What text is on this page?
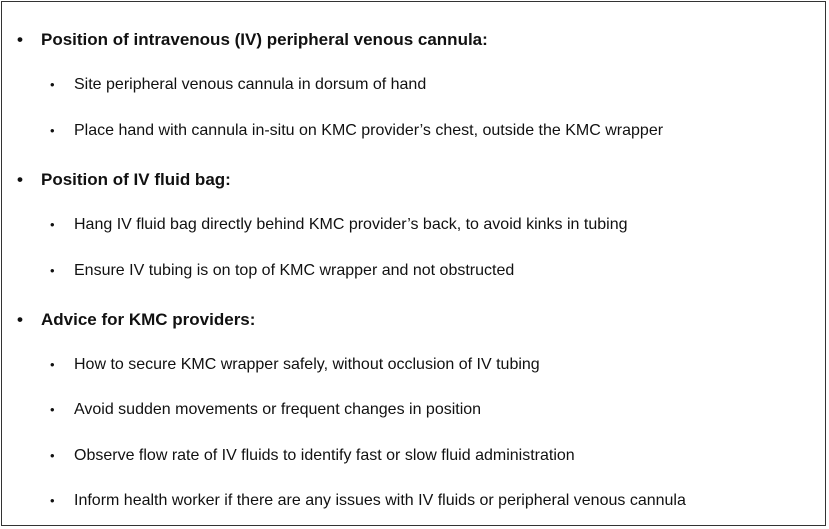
• Position of intravenous (IV) peripheral venous cannula:
• Site peripheral venous cannula in dorsum of hand
• Place hand with cannula in-situ on KMC provider’s chest, outside the KMC wrapper
• Position of IV fluid bag:
• Hang IV fluid bag directly behind KMC provider’s back, to avoid kinks in tubing
• Ensure IV tubing is on top of KMC wrapper and not obstructed
• Advice for KMC providers:
• How to secure KMC wrapper safely, without occlusion of IV tubing
• Avoid sudden movements or frequent changes in position
• Observe flow rate of IV fluids to identify fast or slow fluid administration
• Inform health worker if there are any issues with IV fluids or peripheral venous cannula
